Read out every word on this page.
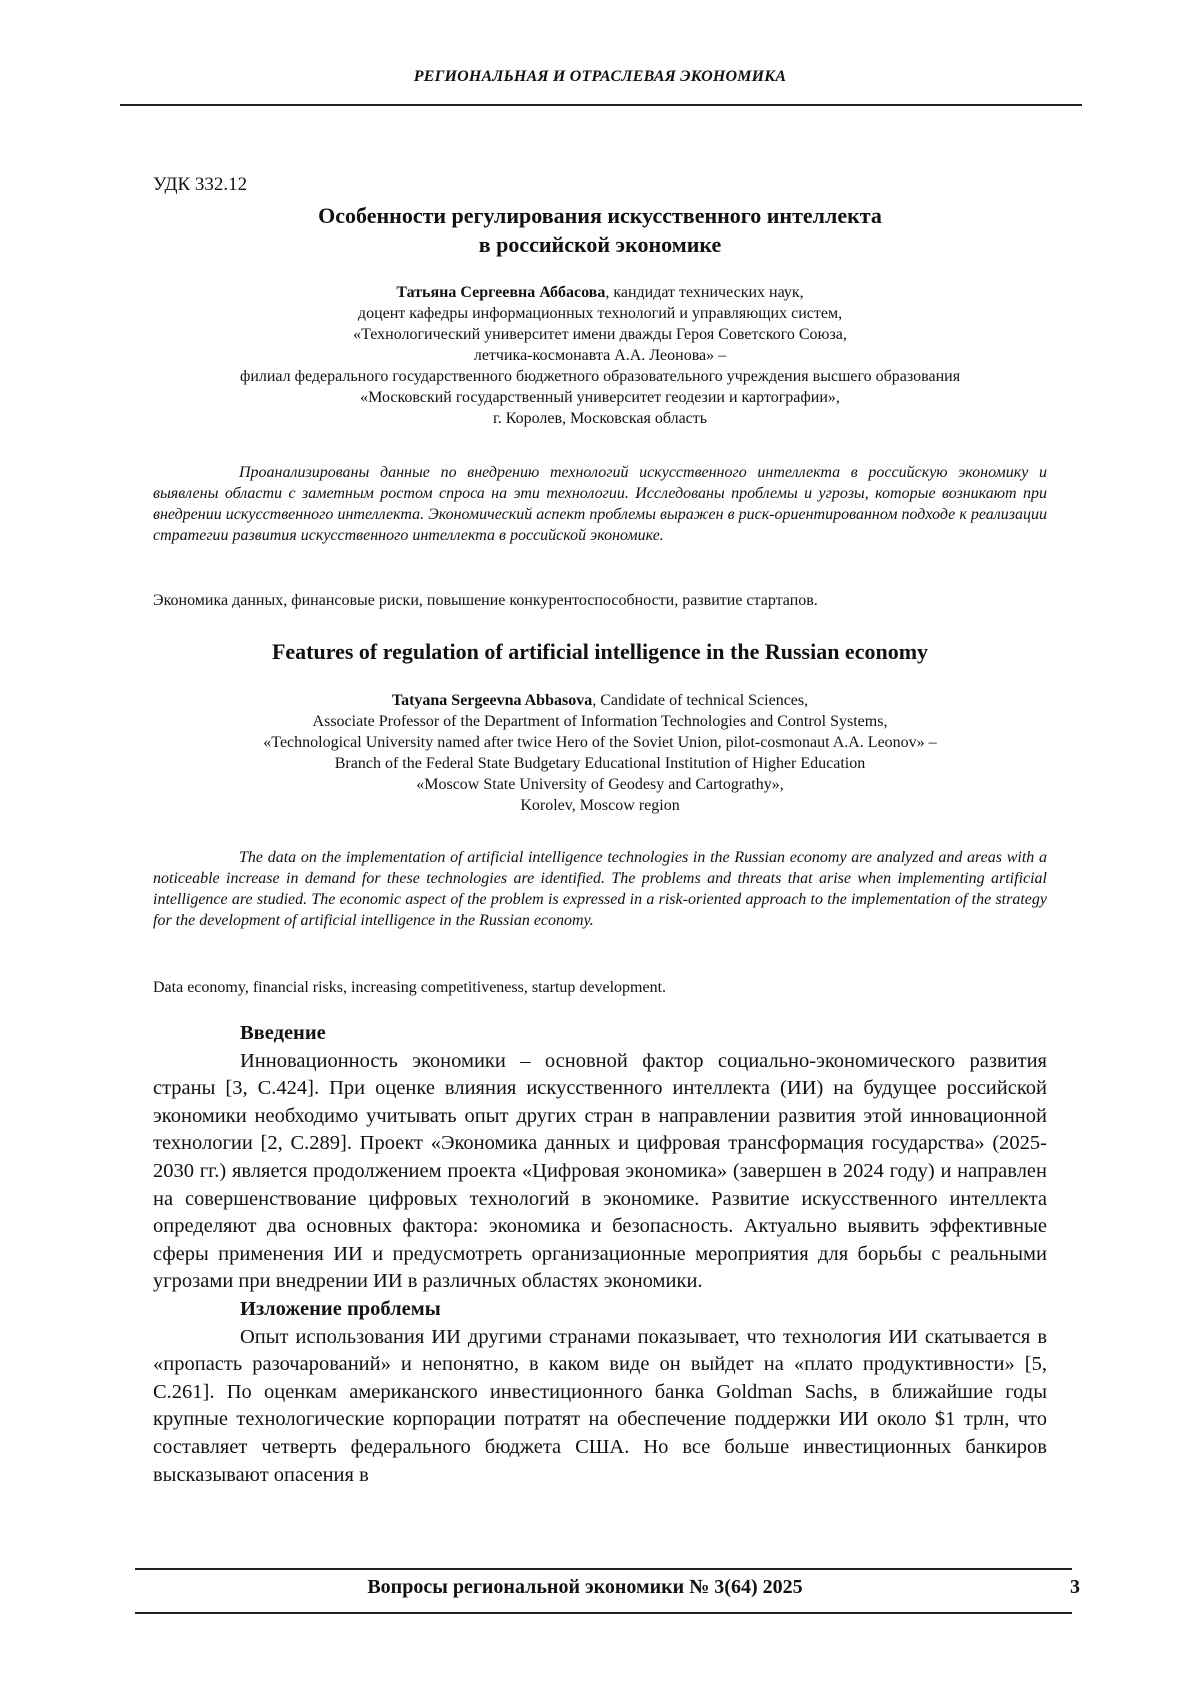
РЕГИОНАЛЬНАЯ И ОТРАСЛЕВАЯ ЭКОНОМИКА
УДК 332.12
Особенности регулирования искусственного интеллекта
в российской экономике
Татьяна Сергеевна Аббасова, кандидат технических наук,
доцент кафедры информационных технологий и управляющих систем,
«Технологический университет имени дважды Героя Советского Союза,
летчика-космонавта А.А. Леонова» –
филиал федерального государственного бюджетного образовательного учреждения высшего образования
«Московский государственный университет геодезии и картографии»,
г. Королев, Московская область
Проанализированы данные по внедрению технологий искусственного интеллекта в российскую экономику и выявлены области с заметным ростом спроса на эти технологии. Исследованы проблемы и угрозы, которые возникают при внедрении искусственного интеллекта. Экономический аспект проблемы выражен в риск-ориентированном подходе к реализации стратегии развития искусственного интеллекта в российской экономике.
Экономика данных, финансовые риски, повышение конкурентоспособности, развитие стартапов.
Features of regulation of artificial intelligence in the Russian economy
Tatyana Sergeevna Abbasova, Candidate of technical Sciences,
Associate Professor of the Department of Information Technologies and Control Systems,
«Technological University named after twice Hero of the Soviet Union, pilot-cosmonaut A.A. Leonov» –
Branch of the Federal State Budgetary Educational Institution of Higher Education
«Moscow State University of Geodesy and Cartograthy»,
Korolev, Moscow region
The data on the implementation of artificial intelligence technologies in the Russian economy are analyzed and areas with a noticeable increase in demand for these technologies are identified. The problems and threats that arise when implementing artificial intelligence are studied. The economic aspect of the problem is expressed in a risk-oriented approach to the implementation of the strategy for the development of artificial intelligence in the Russian economy.
Data economy, financial risks, increasing competitiveness, startup development.

Введение

Инновационность экономики – основной фактор социально-экономического развития страны [3, С.424]. При оценке влияния искусственного интеллекта (ИИ) на будущее российской экономики необходимо учитывать опыт других стран в направлении развития этой инновационной технологии [2, С.289]. Проект «Экономика данных и цифровая трансформация государства» (2025-2030 гг.) является продолжением проекта «Цифровая экономика» (завершен в 2024 году) и направлен на совершенствование цифровых технологий в экономике. Развитие искусственного интеллекта определяют два основных фактора: экономика и безопасность. Актуально выявить эффективные сферы применения ИИ и предусмотреть организационные мероприятия для борьбы с реальными угрозами при внедрении ИИ в различных областях экономики.

Изложение проблемы

Опыт использования ИИ другими странами показывает, что технология ИИ скатывается в «пропасть разочарований» и непонятно, в каком виде он выйдет на «плато продуктивности» [5, С.261]. По оценкам американского инвестиционного банка Goldman Sachs, в ближайшие годы крупные технологические корпорации потратят на обеспечение поддержки ИИ около $1 трлн, что составляет четверть федерального бюджета США. Но все больше инвестиционных банкиров высказывают опасения в

Вопросы региональной экономики № 3(64) 2025	3
